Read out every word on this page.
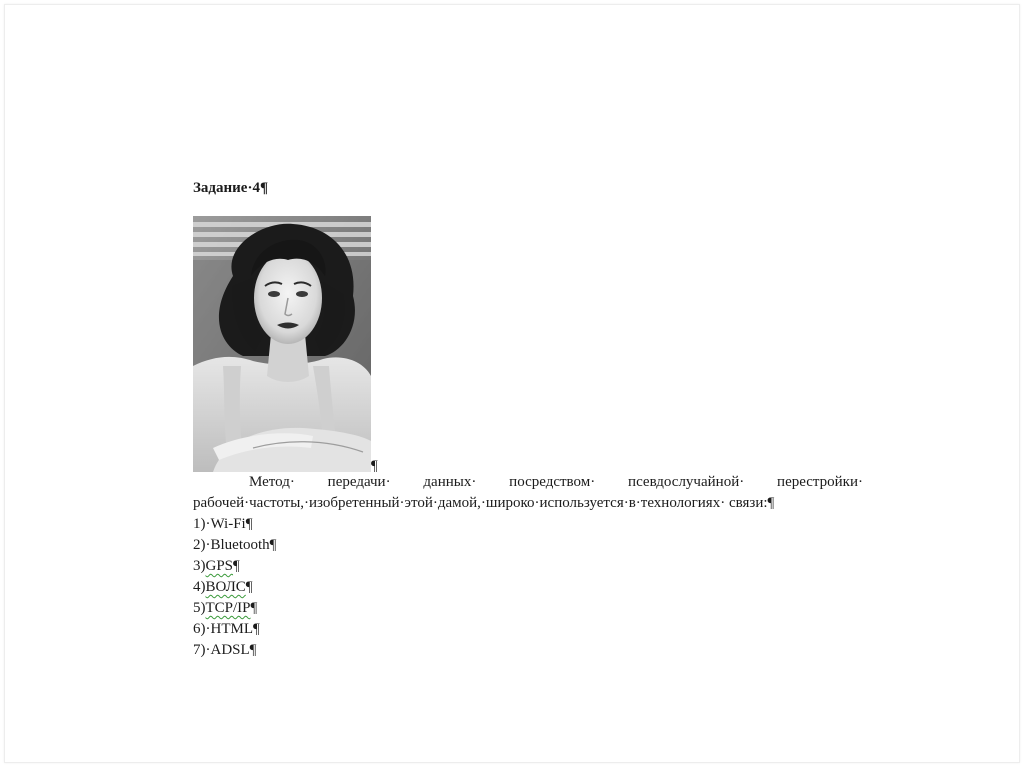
Задание·4¶

¶

Метод· передачи· данных· посредством· псевдослучайной· перестройки· рабочей·частоты,·изобретенный·этой·дамой,·широко·используется·в·технологиях· связи:¶

1)·Wi-Fi¶
2)·Bluetooth¶
3)GPS¶
4)ВОЛС¶
5)TCP/IP¶
6)·HTML¶
7)·ADSL¶
